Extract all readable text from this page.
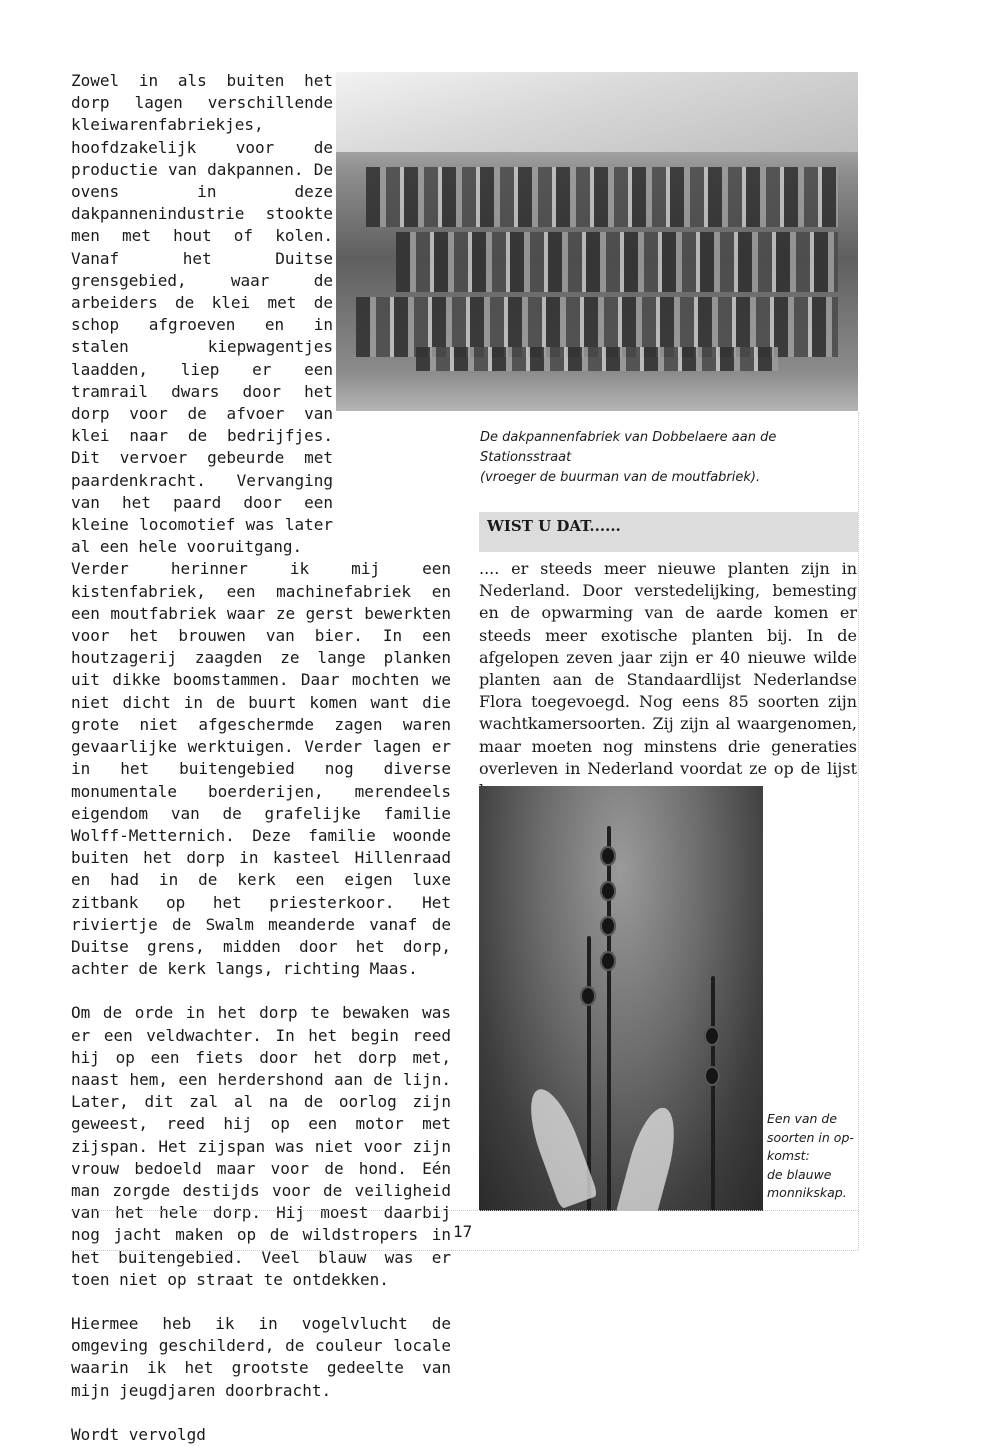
Zowel in als buiten het dorp lagen verschillende kleiwarenfabriekjes, hoofdzakelijk voor de productie van dakpannen. De ovens in deze dakpannenindustrie stookte men met hout of kolen. Vanaf het Duitse grensgebied, waar de arbeiders de klei met de schop afgroeven en in stalen kiepwagentjes laadden, liep er een tramrail dwars door het dorp voor de afvoer van klei naar de bedrijfjes. Dit vervoer gebeurde met paardenkracht. Vervanging van het paard door een kleine locomotief was later al een hele vooruitgang.

Verder herinner ik mij een kistenfabriek, een machinefabriek en een moutfabriek waar ze gerst bewerkten voor het brouwen van bier. In een houtzagerij zaagden ze lange planken uit dikke boomstammen. Daar mochten we niet dicht in de buurt komen want die grote niet afgeschermde zagen waren gevaarlijke werktuigen. Verder lagen er in het buitengebied nog diverse monumentale boerderijen, merendeels eigendom van de grafelijke familie Wolff-Metternich. Deze familie woonde buiten het dorp in kasteel Hillenraad en had in de kerk een eigen luxe zitbank op het priesterkoor. Het riviertje de Swalm meanderde vanaf de Duitse grens, midden door het dorp, achter de kerk langs, richting Maas.

Om de orde in het dorp te bewaken was er een veldwachter. In het begin reed hij op een fiets door het dorp met, naast hem, een herdershond aan de lijn. Later, dit zal al na de oorlog zijn geweest, reed hij op een motor met zijspan. Het zijspan was niet voor zijn vrouw bedoeld maar voor de hond. Eén man zorgde destijds voor de veiligheid van het hele dorp. Hij moest daarbij nog jacht maken op de wildstropers in het buitengebied. Veel blauw was er toen niet op straat te ontdekken.

Hiermee heb ik in vogelvlucht de omgeving geschilderd, de couleur locale waarin ik het grootste gedeelte van mijn jeugdjaren doorbracht.

Wordt vervolgd

De dakpannenfabriek van Dobbelaere aan de Stationsstraat

(vroeger de buurman van de moutfabriek).

WIST U DAT......

.... er steeds meer nieuwe planten zijn in Nederland. Door verstedelijking, bemesting en de opwarming van de aarde komen er steeds meer exotische planten bij. In de afgelopen zeven jaar zijn er 40 nieuwe wilde planten aan de Standaardlijst Nederlandse Flora toegevoegd. Nog eens 85 soorten zijn wachtkamersoorten. Zij zijn al waargenomen, maar moeten nog minstens drie generaties overleven in Nederland voordat ze op de lijst

Een van de soorten in op-komst:

de blauwe monnikskap.

17
